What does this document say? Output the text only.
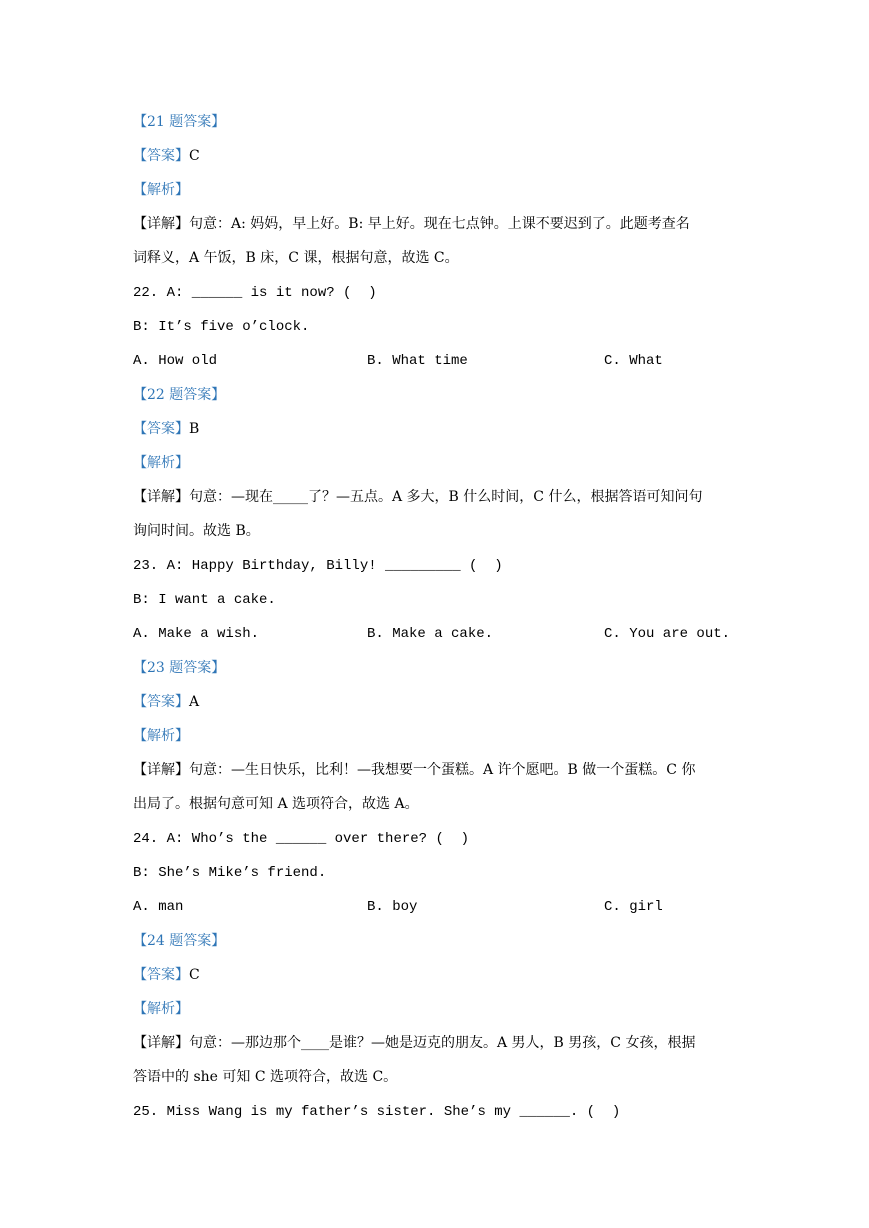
【21 题答案】
【答案】C
【解析】
【详解】句意：A: 妈妈，早上好。B: 早上好。现在七点钟。上课不要迟到了。此题考查名
词释义，A 午饭，B 床，C 课，根据句意，故选 C。
22. A: ______ is it now? (  )
B: It’s five o’clock.
A. How old	B. What time	C. What
【22 题答案】
【答案】B
【解析】
【详解】句意：—现在_____了？—五点。A 多大，B 什么时间，C 什么，根据答语可知问句
询问时间。故选 B。
23. A: Happy Birthday, Billy! _________ (  )
B: I want a cake.
A. Make a wish.	B. Make a cake.	C. You are out.
【23 题答案】
【答案】A
【解析】
【详解】句意：—生日快乐，比利！—我想要一个蛋糕。A 许个愿吧。B 做一个蛋糕。C 你
出局了。根据句意可知 A 选项符合，故选 A。
24. A: Who’s the ______ over there? (  )
B: She’s Mike’s friend.
A. man	B. boy	C. girl
【24 题答案】
【答案】C
【解析】
【详解】句意：—那边那个____是谁？—她是迈克的朋友。A 男人，B 男孩，C 女孩，根据
答语中的 she 可知 C 选项符合，故选 C。
25. Miss Wang is my father’s sister. She’s my ______. (  )
